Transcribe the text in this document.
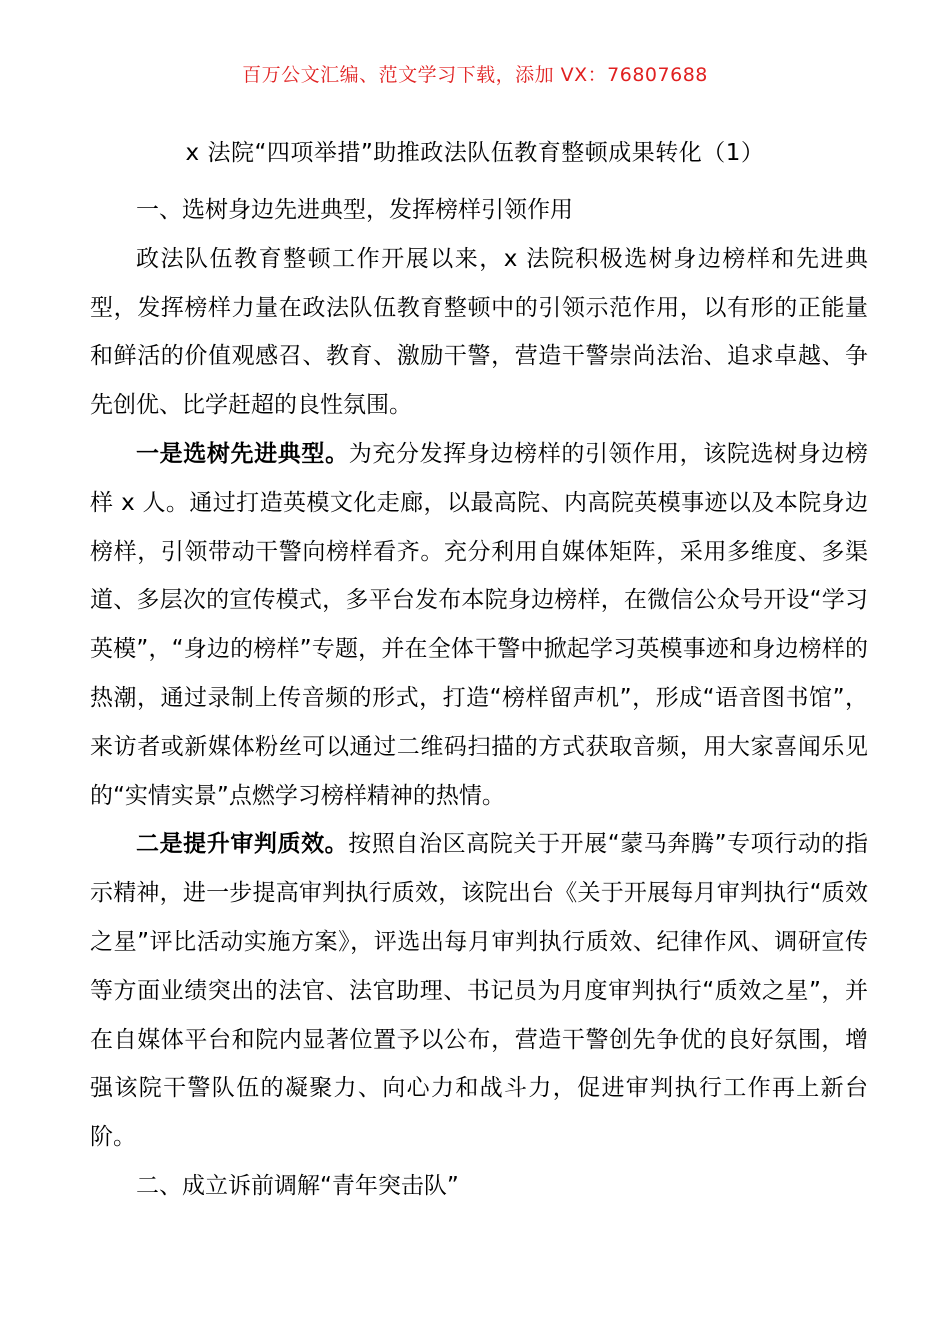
百万公文汇编、范文学习下载，添加 VX：76807688
x 法院“四项举措”助推政法队伍教育整顿成果转化（1）

一、选树身边先进典型，发挥榜样引领作用

政法队伍教育整顿工作开展以来，x 法院积极选树身边榜样和先进典型，发挥榜样力量在政法队伍教育整顿中的引领示范作用，以有形的正能量和鲜活的价值观感召、教育、激励干警，营造干警崇尚法治、追求卓越、争先创优、比学赶超的良性氛围。

一是选树先进典型。为充分发挥身边榜样的引领作用，该院选树身边榜样 x 人。通过打造英模文化走廊，以最高院、内高院英模事迹以及本院身边榜样，引领带动干警向榜样看齐。充分利用自媒体矩阵，采用多维度、多渠道、多层次的宣传模式，多平台发布本院身边榜样，在微信公众号开设“学习英模”，“身边的榜样”专题，并在全体干警中掀起学习英模事迹和身边榜样的热潮，通过录制上传音频的形式，打造“榜样留声机”，形成“语音图书馆”，来访者或新媒体粉丝可以通过二维码扫描的方式获取音频，用大家喜闻乐见的“实情实景”点燃学习榜样精神的热情。

二是提升审判质效。按照自治区高院关于开展“蒙马奔腾”专项行动的指示精神，进一步提高审判执行质效，该院出台《关于开展每月审判执行“质效之星”评比活动实施方案》，评选出每月审判执行质效、纪律作风、调研宣传等方面业绩突出的法官、法官助理、书记员为月度审判执行“质效之星”，并在自媒体平台和院内显著位置予以公布，营造干警创先争优的良好氛围，增强该院干警队伍的凝聚力、向心力和战斗力，促进审判执行工作再上新台阶。

二、成立诉前调解“青年突击队”
